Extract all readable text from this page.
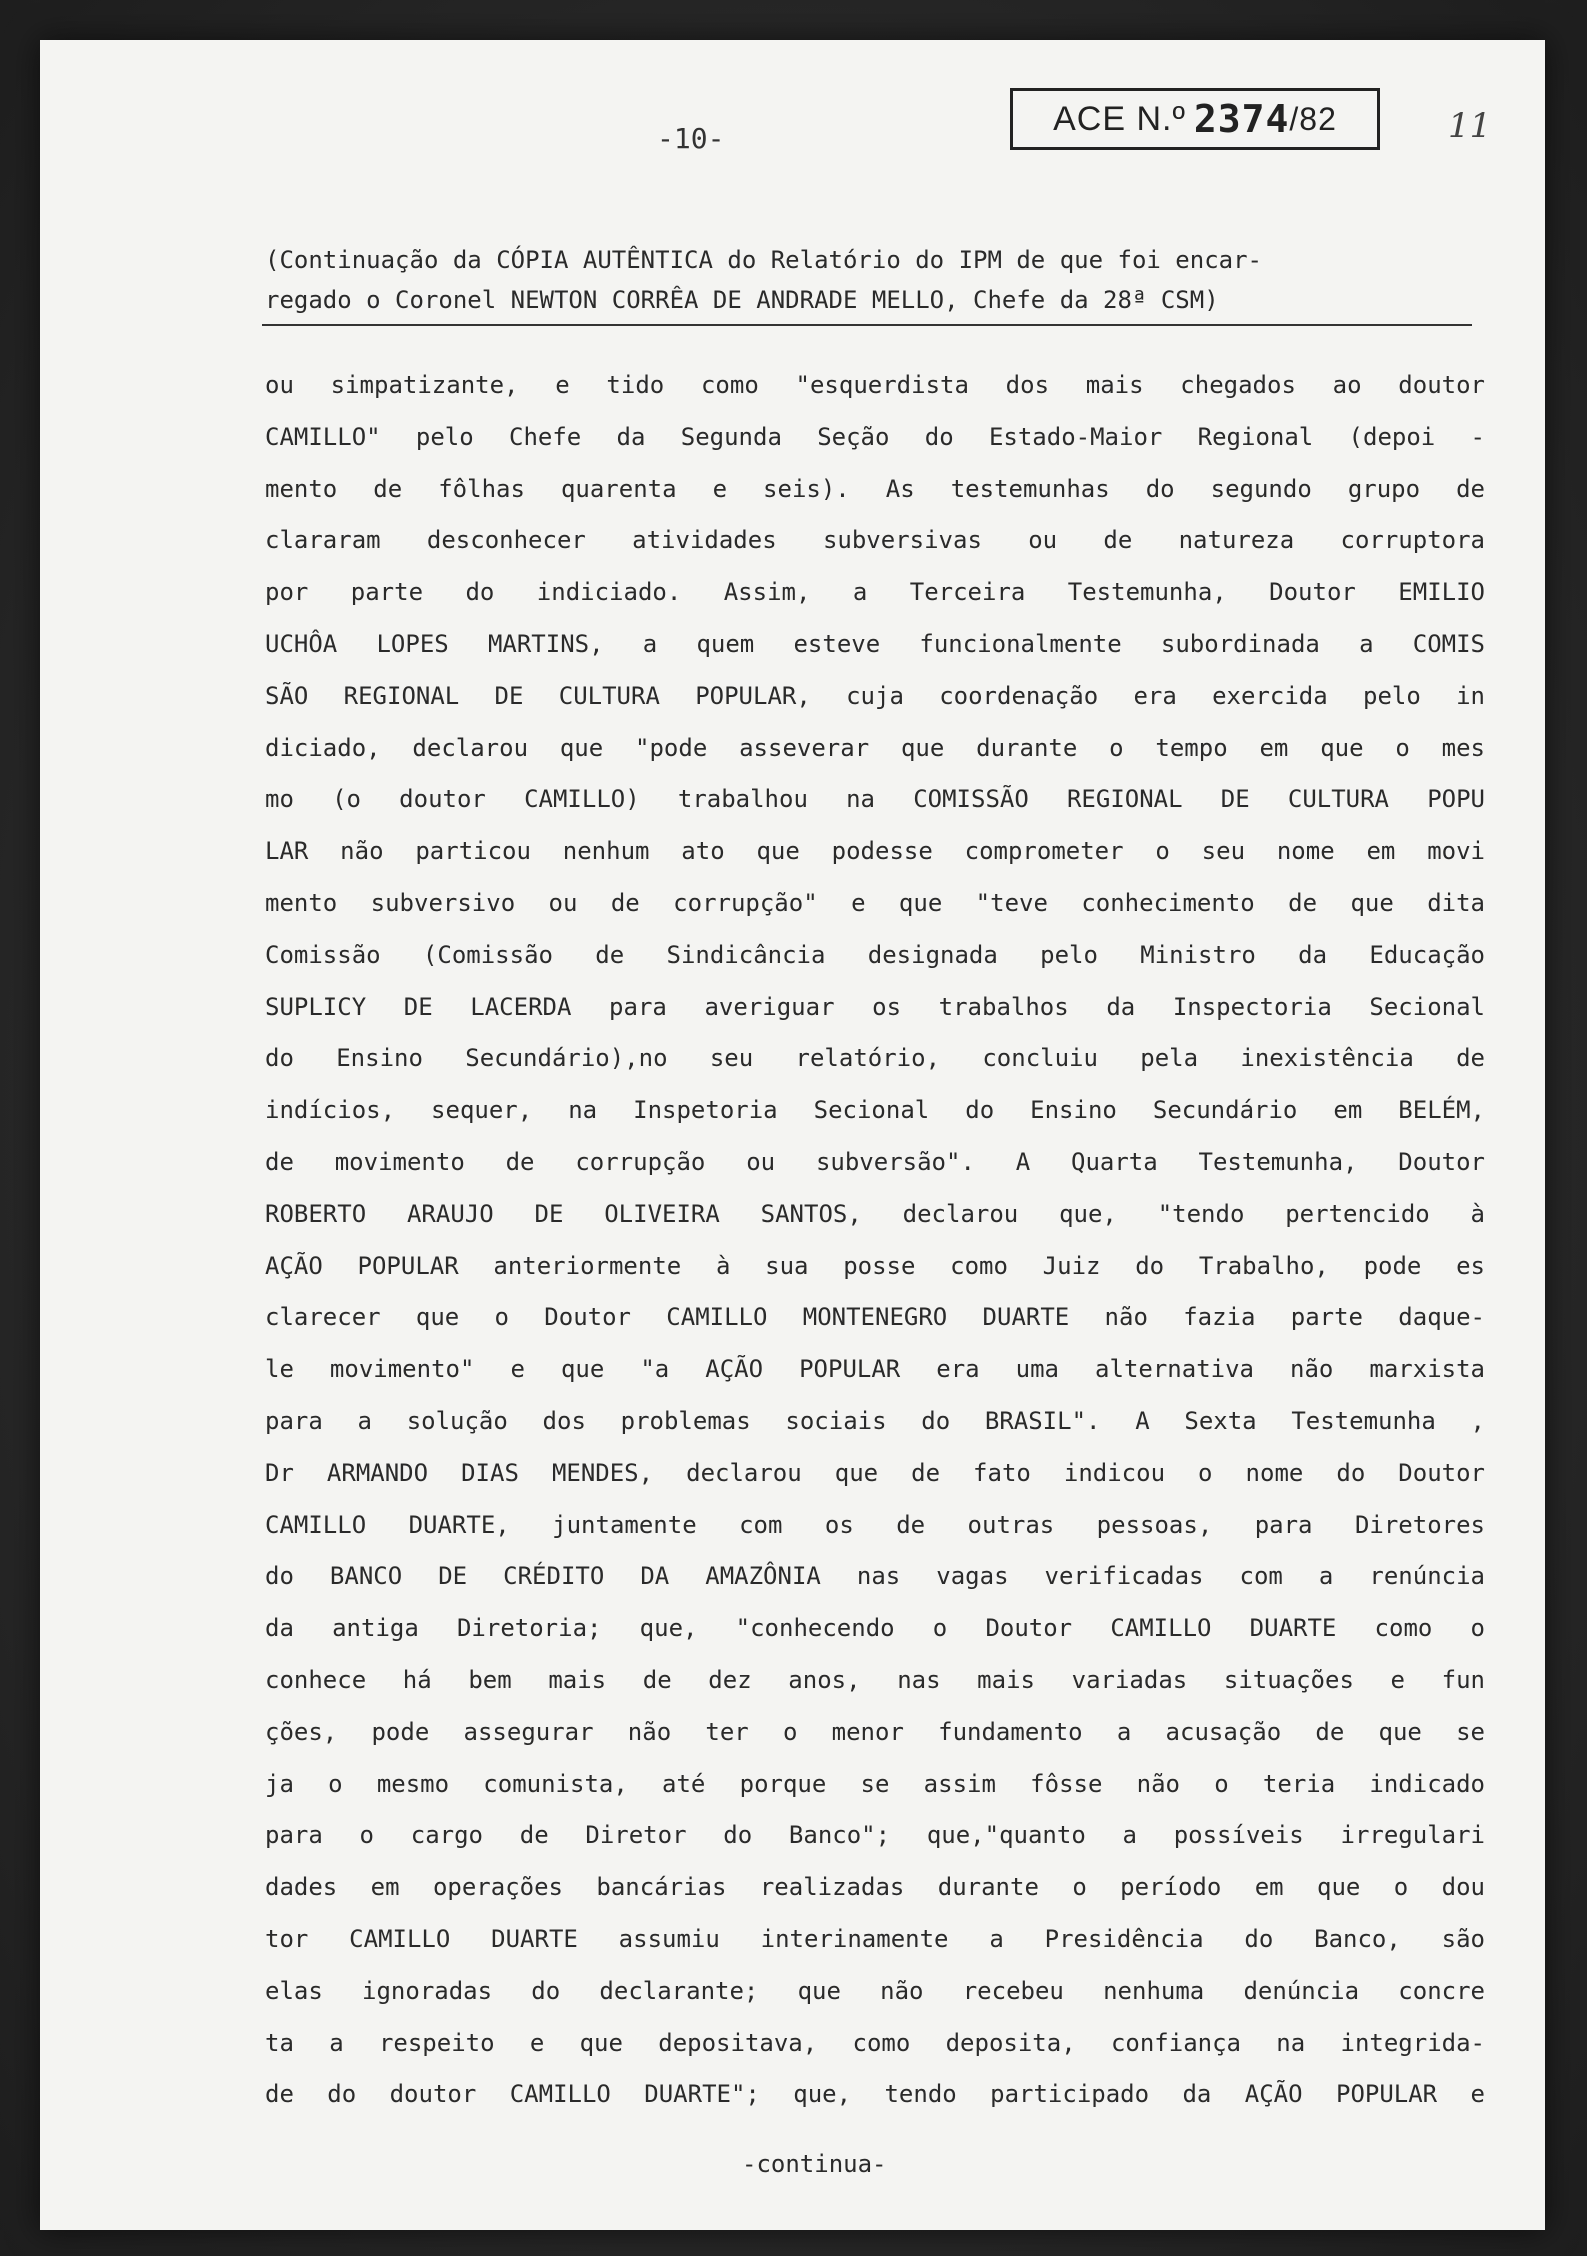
-10-
ACE N.º 2374 /82	11
(Continuação da CÓPIA AUTÊNTICA do Relatório do IPM de que foi encar-
regado o Coronel NEWTON CORRÊA DE ANDRADE MELLO, Chefe da 28ª CSM)
ou simpatizante, e tido como "esquerdista dos mais chegados ao doutor
CAMILLO" pelo Chefe da Segunda Seção do Estado-Maior Regional (depoi -
mento de fôlhas quarenta e seis). As testemunhas do segundo grupo de
clararam desconhecer atividades subversivas ou de natureza corruptora
por parte do indiciado. Assim, a Terceira Testemunha, Doutor EMILIO
UCHÔA LOPES MARTINS, a quem esteve funcionalmente subordinada a COMIS
SÃO REGIONAL DE CULTURA POPULAR, cuja coordenação era exercida pelo in
diciado, declarou que "pode asseverar que durante o tempo em que o mes
mo (o doutor CAMILLO) trabalhou na COMISSÃO REGIONAL DE CULTURA POPU
LAR não particou nenhum ato que podesse comprometer o seu nome em movi
mento subversivo ou de corrupção" e que "teve conhecimento de que dita
Comissão (Comissão de Sindicância designada pelo Ministro da Educação
SUPLICY DE LACERDA para averiguar os trabalhos da Inspectoria Secional
do Ensino Secundário),no seu relatório, concluiu pela inexistência de
indícios, sequer, na Inspetoria Secional do Ensino Secundário em BELÉM,
de movimento de corrupção ou subversão". A Quarta Testemunha, Doutor
ROBERTO ARAUJO DE OLIVEIRA SANTOS, declarou que, "tendo pertencido à
AÇÃO POPULAR anteriormente à sua posse como Juiz do Trabalho, pode es
clarecer que o Doutor CAMILLO MONTENEGRO DUARTE não fazia parte daque-
le movimento" e que "a AÇÃO POPULAR era uma alternativa não marxista
para a solução dos problemas sociais do BRASIL". A Sexta Testemunha ,
Dr ARMANDO DIAS MENDES, declarou que de fato indicou o nome do Doutor
CAMILLO DUARTE, juntamente com os de outras pessoas, para Diretores
do BANCO DE CRÉDITO DA AMAZÔNIA nas vagas verificadas com a renúncia
da antiga Diretoria; que, "conhecendo o Doutor CAMILLO DUARTE como o
conhece há bem mais de dez anos, nas mais variadas situações e fun
ções, pode assegurar não ter o menor fundamento a acusação de que se
ja o mesmo comunista, até porque se assim fôsse não o teria indicado
para o cargo de Diretor do Banco"; que,"quanto a possíveis irregulari
dades em operações bancárias realizadas durante o período em que o dou
tor CAMILLO DUARTE assumiu interinamente a Presidência do Banco, são
elas ignoradas do declarante; que não recebeu nenhuma denúncia concre
ta a respeito e que depositava, como deposita, confiança na integrida-
de do doutor CAMILLO DUARTE"; que, tendo participado da AÇÃO POPULAR e
-continua-
